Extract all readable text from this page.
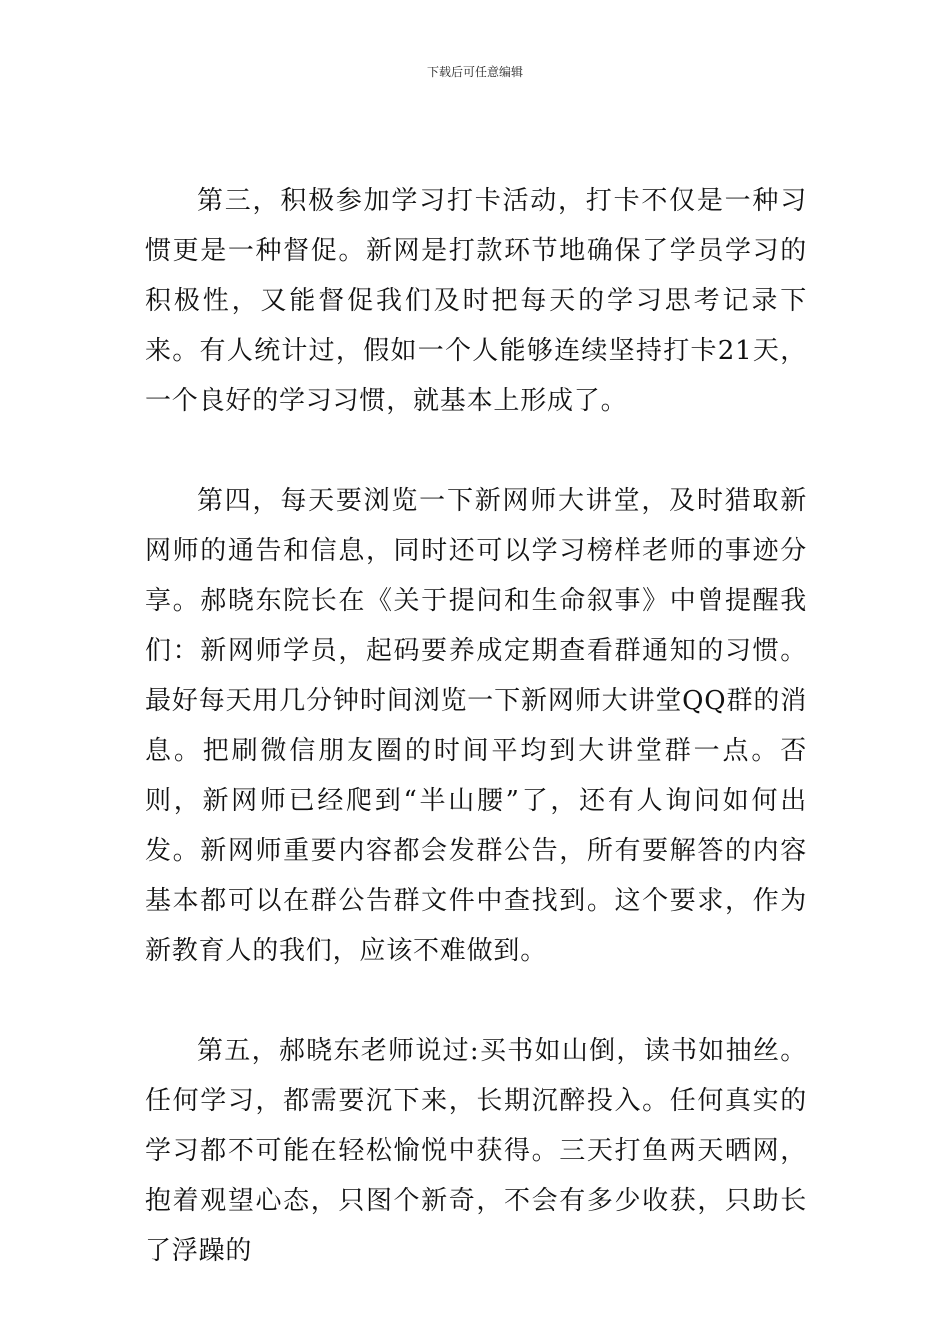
下载后可任意编辑

第三，积极参加学习打卡活动，打卡不仅是一种习惯更是一种督促。新网是打款环节地确保了学员学习的积极性，又能督促我们及时把每天的学习思考记录下来。有人统计过，假如一个人能够连续坚持打卡21天，一个良好的学习习惯，就基本上形成了。

第四，每天要浏览一下新网师大讲堂，及时猎取新网师的通告和信息，同时还可以学习榜样老师的事迹分享。郝晓东院长在《关于提问和生命叙事》中曾提醒我们：新网师学员，起码要养成定期查看群通知的习惯。最好每天用几分钟时间浏览一下新网师大讲堂QQ群的消息。把刷微信朋友圈的时间平均到大讲堂群一点。否则，新网师已经爬到“半山腰”了，还有人询问如何出发。新网师重要内容都会发群公告，所有要解答的内容基本都可以在群公告群文件中查找到。这个要求，作为新教育人的我们，应该不难做到。

第五，郝晓东老师说过:买书如山倒，读书如抽丝。任何学习，都需要沉下来，长期沉醉投入。任何真实的学习都不可能在轻松愉悦中获得。三天打鱼两天晒网，抱着观望心态，只图个新奇，不会有多少收获，只助长了浮躁的
